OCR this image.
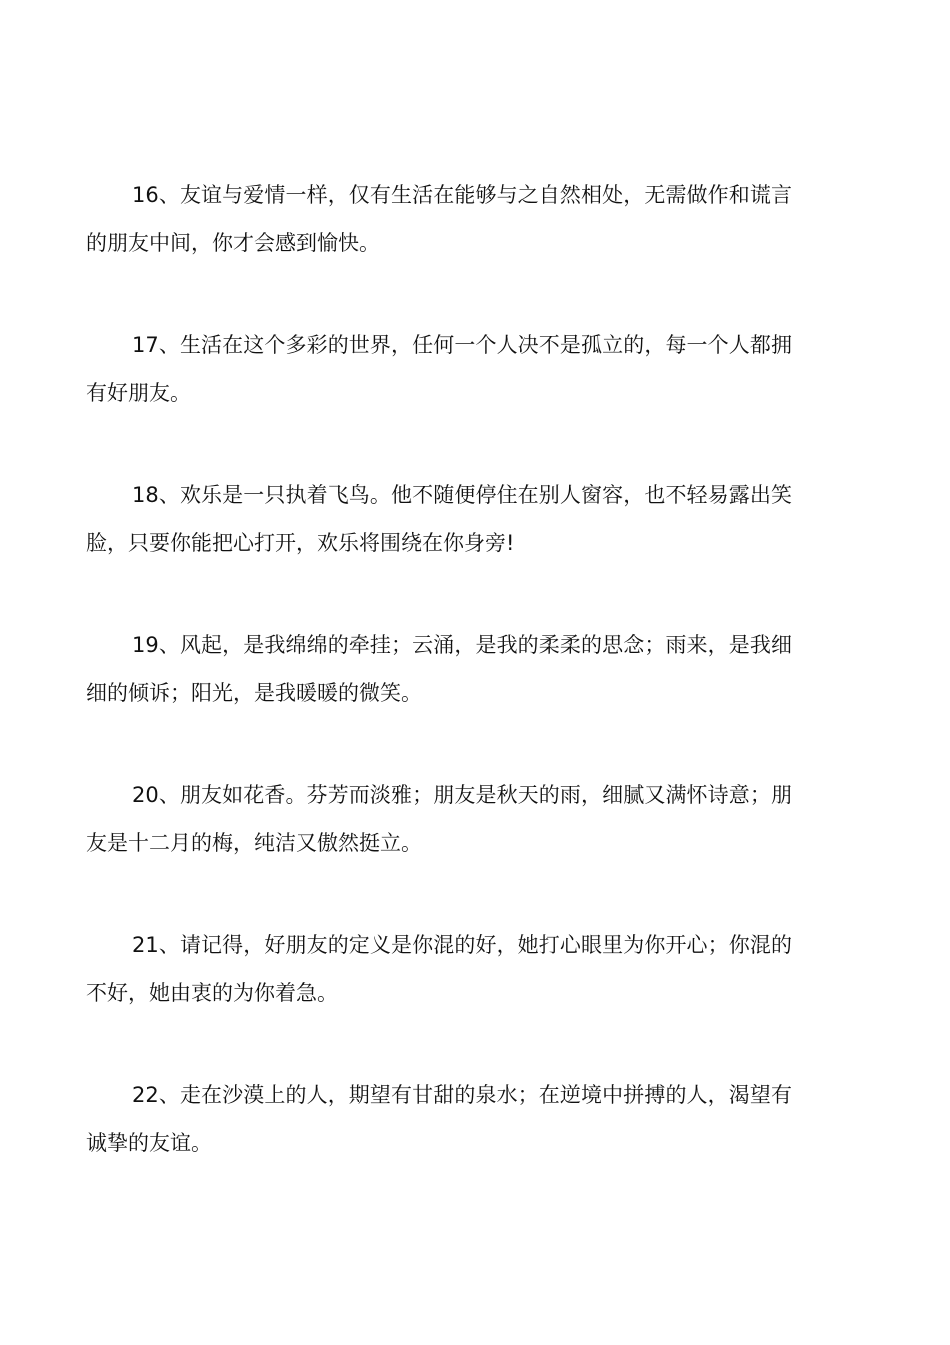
16、友谊与爱情一样，仅有生活在能够与之自然相处，无需做作和谎言的朋友中间，你才会感到愉快。

17、生活在这个多彩的世界，任何一个人决不是孤立的，每一个人都拥有好朋友。

18、欢乐是一只执着飞鸟。他不随便停住在别人窗容，也不轻易露出笑脸，只要你能把心打开，欢乐将围绕在你身旁!

19、风起，是我绵绵的牵挂；云涌，是我的柔柔的思念；雨来，是我细细的倾诉；阳光，是我暖暖的微笑。

20、朋友如花香。芬芳而淡雅；朋友是秋天的雨，细腻又满怀诗意；朋友是十二月的梅，纯洁又傲然挺立。

21、请记得，好朋友的定义是你混的好，她打心眼里为你开心；你混的不好，她由衷的为你着急。

22、走在沙漠上的人，期望有甘甜的泉水；在逆境中拼搏的人，渴望有诚挚的友谊。
